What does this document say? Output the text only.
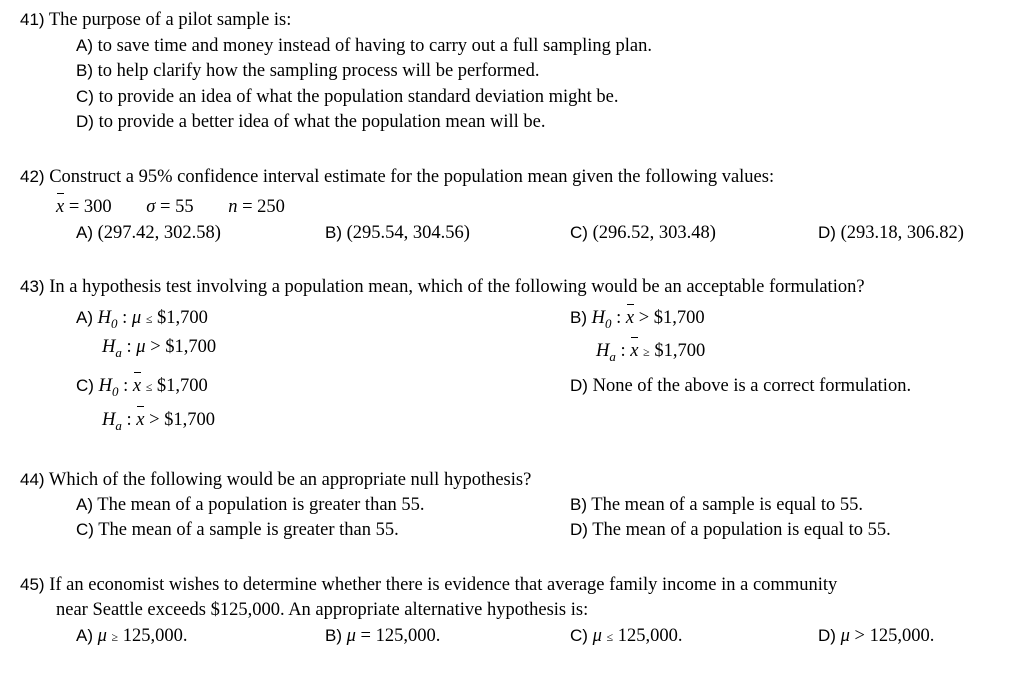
41) The purpose of a pilot sample is:
A) to save time and money instead of having to carry out a full sampling plan.
B) to help clarify how the sampling process will be performed.
C) to provide an idea of what the population standard deviation might be.
D) to provide a better idea of what the population mean will be.
42) Construct a 95% confidence interval estimate for the population mean given the following values:
x = 300 σ = 55 n = 250
A) (297.42, 302.58)	B) (295.54, 304.56)	C) (296.52, 303.48)	D) (293.18, 306.82)
43) In a hypothesis test involving a population mean, which of the following would be an acceptable formulation?
A) $H_0$ : μ ≤ $1,700
$H_a$ : μ > $1,700
B) $H_0$ : x > $1,700
$H_a$ : x ≥ $1,700
C) $H_0$ : x ≤ $1,700
$H_a$ : x > $1,700
D) None of the above is a correct formulation.
44) Which of the following would be an appropriate null hypothesis?
A) The mean of a population is greater than 55.	B) The mean of a sample is equal to 55.
C) The mean of a sample is greater than 55.	D) The mean of a population is equal to 55.
45) If an economist wishes to determine whether there is evidence that average family income in a community
near Seattle exceeds $125,000. An appropriate alternative hypothesis is:
A) μ ≥ 125,000.	B) μ = 125,000.	C) μ ≤ 125,000.	D) μ > 125,000.
